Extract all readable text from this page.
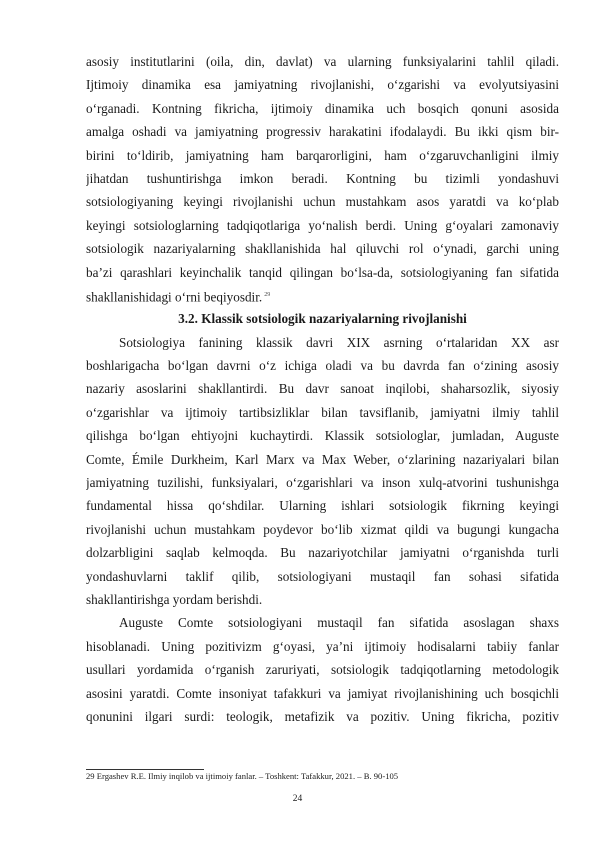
asosiy institutlarini (oila, din, davlat) va ularning funksiyalarini tahlil qiladi.
Ijtimoiy dinamika esa jamiyatning rivojlanishi, oʻzgarishi va evolyutsiyasini
oʻrganadi. Kontning fikricha, ijtimoiy dinamika uch bosqich qonuni asosida
amalga oshadi va jamiyatning progressiv harakatini ifodalaydi. Bu ikki qism bir-
birini toʻldirib, jamiyatning ham barqarorligini, ham oʻzgaruvchanligini ilmiy
jihatdan tushuntirishga imkon beradi. Kontning bu tizimli yondashuvi
sotsiologiyaning keyingi rivojlanishi uchun mustahkam asos yaratdi va koʻplab
keyingi sotsiologlarning tadqiqotlariga yoʻnalish berdi. Uning gʻoyalari zamonaviy
sotsiologik nazariyalarning shakllanishida hal qiluvchi rol oʻynadi, garchi uning
baʼzi qarashlari keyinchalik tanqid qilingan boʻlsa-da, sotsiologiyaning fan sifatida
shakllanishidagi oʻrni beqiyosdir. $^{29}$
3.2. Klassik sotsiologik nazariyalarning rivojlanishi
Sotsiologiya fanining klassik davri XIX asrning oʻrtalaridan XX asr
boshlarigacha boʻlgan davrni oʻz ichiga oladi va bu davrda fan oʻzining asosiy
nazariy asoslarini shakllantirdi. Bu davr sanoat inqilobi, shaharsozlik, siyosiy
oʻzgarishlar va ijtimoiy tartibsizliklar bilan tavsiflanib, jamiyatni ilmiy tahlil
qilishga boʻlgan ehtiyojni kuchaytirdi. Klassik sotsiologlar, jumladan, Auguste
Comte, Émile Durkheim, Karl Marx va Max Weber, oʻzlarining nazariyalari bilan
jamiyatning tuzilishi, funksiyalari, oʻzgarishlari va inson xulq-atvorini tushunishga
fundamental hissa qoʻshdilar. Ularning ishlari sotsiologik fikrning keyingi
rivojlanishi uchun mustahkam poydevor boʻlib xizmat qildi va bugungi kungacha
dolzarbligini saqlab kelmoqda. Bu nazariyotchilar jamiyatni oʻrganishda turli
yondashuvlarni taklif qilib, sotsiologiyani mustaqil fan sohasi sifatida
shakllantirishga yordam berishdi.
Auguste Comte sotsiologiyani mustaqil fan sifatida asoslagan shaxs
hisoblanadi. Uning pozitivizm gʻoyasi, yaʼni ijtimoiy hodisalarni tabiiy fanlar
usullari yordamida oʻrganish zaruriyati, sotsiologik tadqiqotlarning metodologik
asosini yaratdi. Comte insoniyat tafakkuri va jamiyat rivojlanishining uch bosqichli
qonunini ilgari surdi: teologik, metafizik va pozitiv. Uning fikricha, pozitiv
29 Ergashev R.E. Ilmiy inqilob va ijtimoiy fanlar. – Toshkent: Tafakkur, 2021. – B. 90-105
24
